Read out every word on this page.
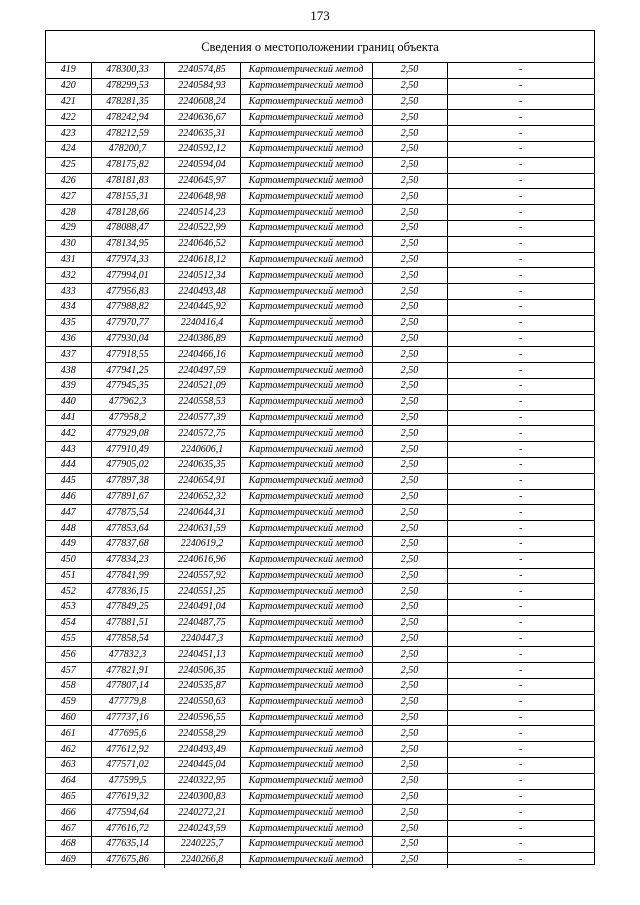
173
Сведения о местоположении границ объекта
419	478300,33	2240574,85	Картометрический метод	2,50	-
420	478299,53	2240584,93	Картометрический метод	2,50	-
421	478281,35	2240608,24	Картометрический метод	2,50	-
422	478242,94	2240636,67	Картометрический метод	2,50	-
423	478212,59	2240635,31	Картометрический метод	2,50	-
424	478200,7	2240592,12	Картометрический метод	2,50	-
425	478175,82	2240594,04	Картометрический метод	2,50	-
426	478181,83	2240645,97	Картометрический метод	2,50	-
427	478155,31	2240648,98	Картометрический метод	2,50	-
428	478128,66	2240514,23	Картометрический метод	2,50	-
429	478088,47	2240522,99	Картометрический метод	2,50	-
430	478134,95	2240646,52	Картометрический метод	2,50	-
431	477974,33	2240618,12	Картометрический метод	2,50	-
432	477994,01	2240512,34	Картометрический метод	2,50	-
433	477956,83	2240493,48	Картометрический метод	2,50	-
434	477988,82	2240445,92	Картометрический метод	2,50	-
435	477970,77	2240416,4	Картометрический метод	2,50	-
436	477930,04	2240386,89	Картометрический метод	2,50	-
437	477918,55	2240466,16	Картометрический метод	2,50	-
438	477941,25	2240497,59	Картометрический метод	2,50	-
439	477945,35	2240521,09	Картометрический метод	2,50	-
440	477962,3	2240558,53	Картометрический метод	2,50	-
441	477958,2	2240577,39	Картометрический метод	2,50	-
442	477929,08	2240572,75	Картометрический метод	2,50	-
443	477910,49	2240606,1	Картометрический метод	2,50	-
444	477905,02	2240635,35	Картометрический метод	2,50	-
445	477897,38	2240654,91	Картометрический метод	2,50	-
446	477891,67	2240652,32	Картометрический метод	2,50	-
447	477875,54	2240644,31	Картометрический метод	2,50	-
448	477853,64	2240631,59	Картометрический метод	2,50	-
449	477837,68	2240619,2	Картометрический метод	2,50	-
450	477834,23	2240616,96	Картометрический метод	2,50	-
451	477841,99	2240557,92	Картометрический метод	2,50	-
452	477836,15	2240551,25	Картометрический метод	2,50	-
453	477849,25	2240491,04	Картометрический метод	2,50	-
454	477881,51	2240487,75	Картометрический метод	2,50	-
455	477858,54	2240447,3	Картометрический метод	2,50	-
456	477832,3	2240451,13	Картометрический метод	2,50	-
457	477821,91	2240506,35	Картометрический метод	2,50	-
458	477807,14	2240535,87	Картометрический метод	2,50	-
459	477779,8	2240550,63	Картометрический метод	2,50	-
460	477737,16	2240596,55	Картометрический метод	2,50	-
461	477695,6	2240558,29	Картометрический метод	2,50	-
462	477612,92	2240493,49	Картометрический метод	2,50	-
463	477571,02	2240445,04	Картометрический метод	2,50	-
464	477599,5	2240322,95	Картометрический метод	2,50	-
465	477619,32	2240300,83	Картометрический метод	2,50	-
466	477594,64	2240272,21	Картометрический метод	2,50	-
467	477616,72	2240243,59	Картометрический метод	2,50	-
468	477635,14	2240225,7	Картометрический метод	2,50	-
469	477675,86	2240266,8	Картометрический метод	2,50	-
